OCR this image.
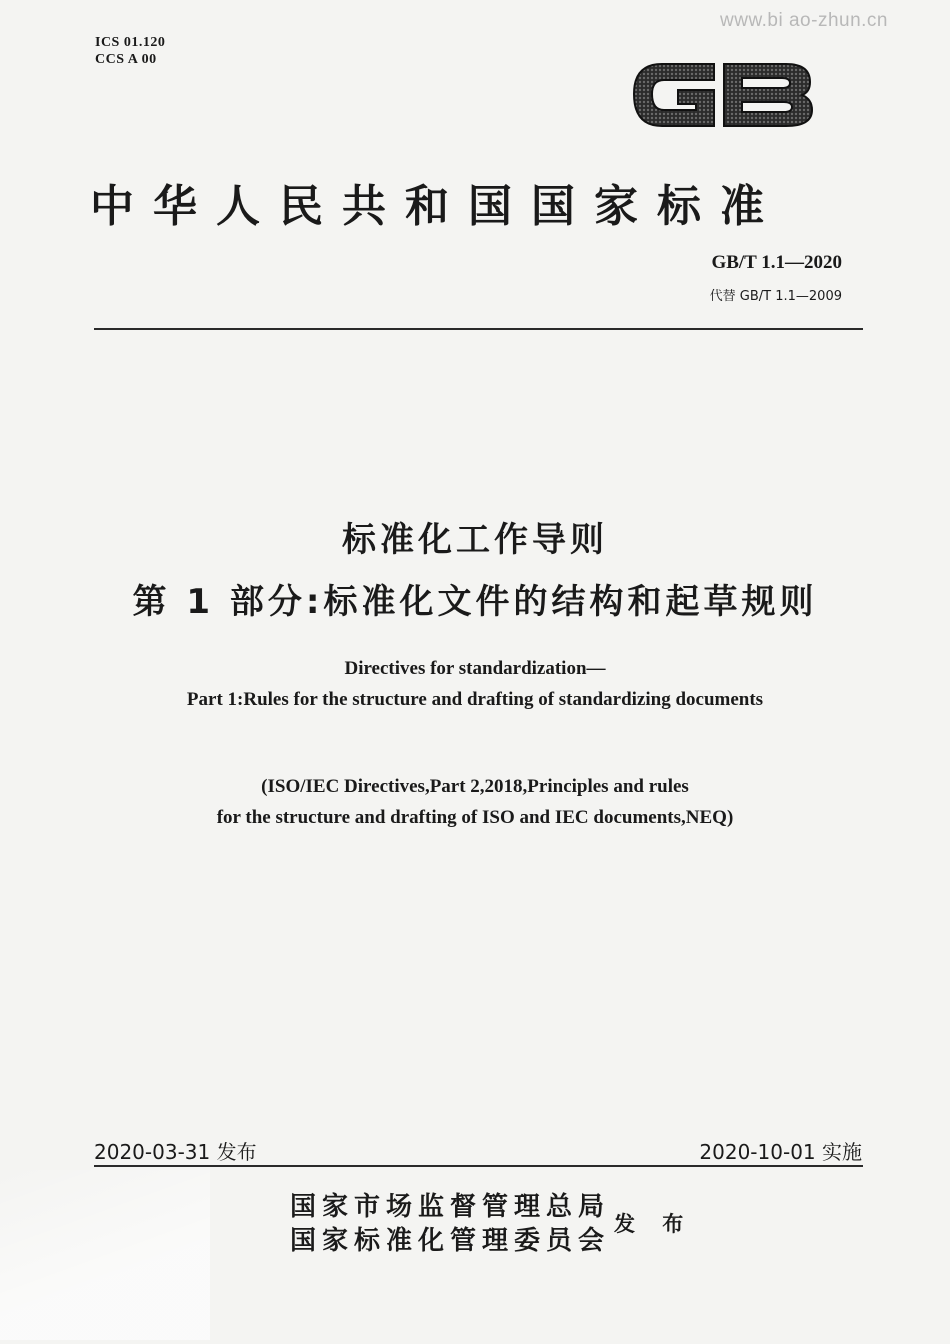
ICS 01.120
CCS A 00
www.bi ao-zhun.cn
中华人民共和国国家标准
GB/T 1.1—2020
代替 GB/T 1.1—2009
标准化工作导则
第 1 部分:标准化文件的结构和起草规则
Directives for standardization—
Part 1:Rules for the structure and drafting of standardizing documents
(ISO/IEC Directives,Part 2,2018,Principles and rules
for the structure and drafting of ISO and IEC documents,NEQ)
2020-03-31 发布	2020-10-01 实施
国家市场监督管理总局
国家标准化管理委员会
发 布
